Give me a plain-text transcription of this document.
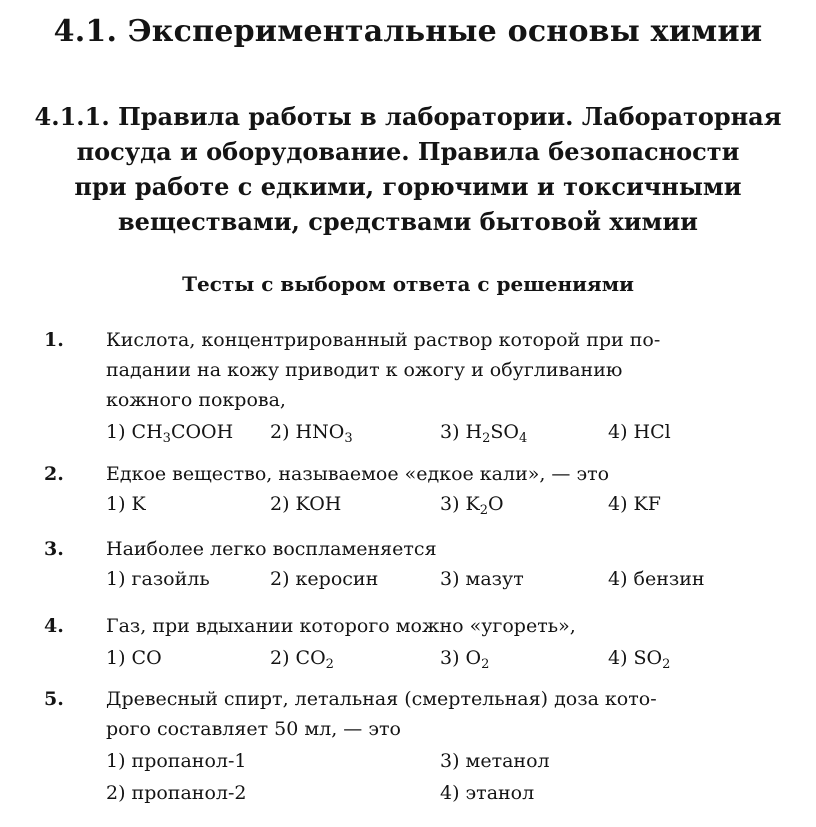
4.1. Экспериментальные основы химии
4.1.1. Правила работы в лаборатории. Лабораторная
посуда и оборудование. Правила безопасности
при работе с едкими, горючими и токсичными
веществами, средствами бытовой химии
Тесты с выбором ответа с решениями
1. Кислота, концентрированный раствор которой при по-
падании на кожу приводит к ожогу и обугливанию
кожного покрова,
1) $CH_3COOH$ 2) $HNO_3$	3) $H_2SO_4$	4) HCl
2. Едкое вещество, называемое «едкое кали», — это
1) K	2) KOH	3) $K_2O$	4) KF
3. Наиболее легко воспламеняется
1) газойль	2) керосин	3) мазут	4) бензин
4. Газ, при вдыхании которого можно «угореть»,
1) CO	2) $CO_2$	3) $O_2$	4) $SO_2$
5. Древесный спирт, летальная (смертельная) доза кото-
рого составляет 50 мл, — это
1) пропанол-1	3) метанол
2) пропанол-2	4) этанол
